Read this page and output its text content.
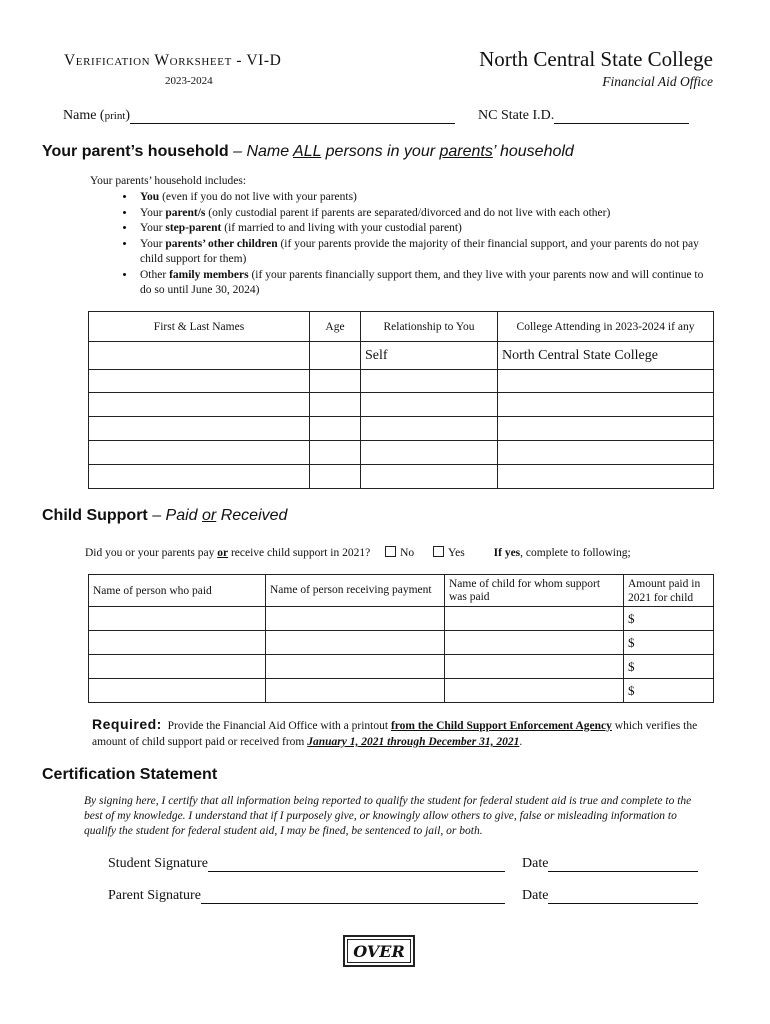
Verification Worksheet - VI-D
2023-2024
North Central State College
Financial Aid Office
Name (print)	NC State I.D.
Your parent’s household – Name ALL persons in your parents’ household
Your parents’ household includes:
• You (even if you do not live with your parents)
• Your parent/s (only custodial parent if parents are separated/divorced and do not live with each other)
• Your step-parent (if married to and living with your custodial parent)
• Your parents’ other children (if your parents provide the majority of their financial support, and your parents do not pay child support for them)
• Other family members (if your parents financially support them, and they live with your parents now and will continue to do so until June 30, 2024)
First & Last Names	Age	Relationship to You	College Attending in 2023-2024 if any
		Self	North Central State College

Child Support – Paid or Received
Did you or your parents pay or receive child support in 2021?	No	Yes	If yes, complete to following;
Name of person who paid	Name of person receiving payment	Name of child for whom support was paid	Amount paid in 2021 for child
			$
			$
			$
			$
Required: Provide the Financial Aid Office with a printout from the Child Support Enforcement Agency which verifies the amount of child support paid or received from January 1, 2021 through December 31, 2021.
Certification Statement
By signing here, I certify that all information being reported to qualify the student for federal student aid is true and complete to the best of my knowledge. I understand that if I purposely give, or knowingly allow others to give, false or misleading information to qualify the student for federal student aid, I may be fined, be sentenced to jail, or both.
Student Signature	Date
Parent Signature	Date
OVER
